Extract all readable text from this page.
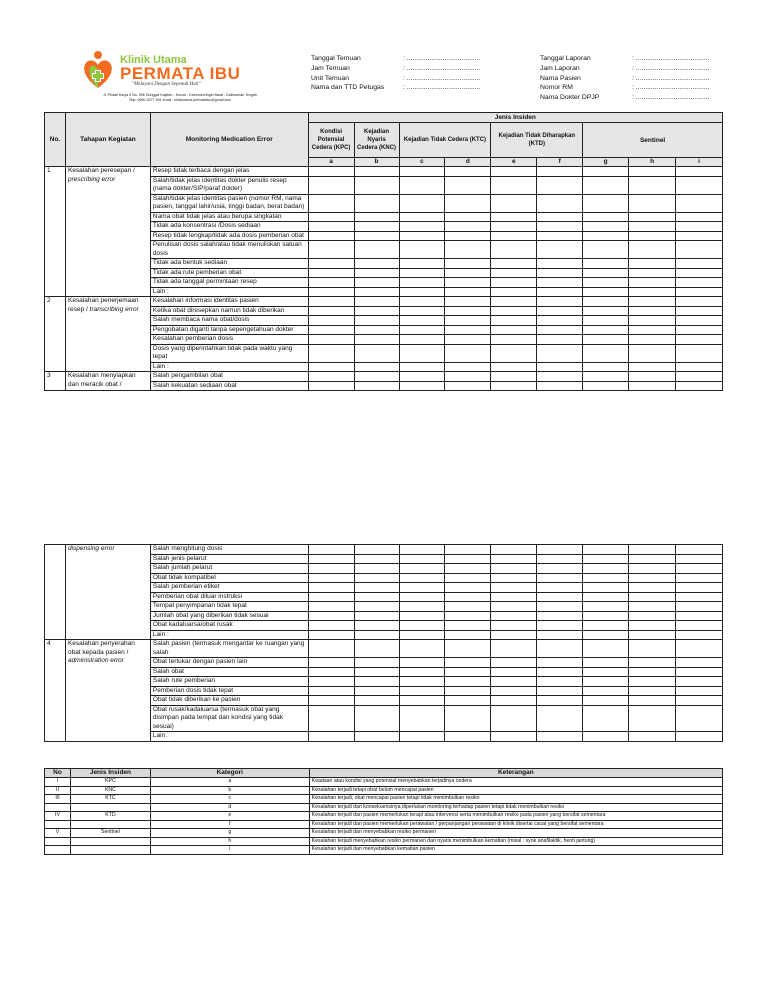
Klinik Utama
PERMATA IBU
"Melayani Dengan Sepenuh Hati"
Jl. Pedati Karya II No. 596 Gunggal Kajatan - Kunod - Kebumen/Ingin Barat - Kalimantan Tengah
Telp: 0690-5377 591 email : klinikutama.permataibu@gmail.com
Tanggal Temuan	: .......................................
Jam Temuan	: .......................................
Unit Temuan	: .......................................
Nama dan TTD Petugas	: .......................................
Tanggal Laporan	: .......................................
Jam Laporan	: .......................................
Nama Pasien	: .......................................
Nomor RM	: .......................................
Nama Dokter DPJP	: .......................................
No.	Tahapan Kegiatan	Monitoring Medication Error	Jenis Insiden								
			Kondisi Potensial Cedera (KPC)	Kejadian Nyaris Cedera (KNC)	Kejadian Tidak Cedera (KTC)		Kejadian Tidak Diharapkan (KTD)		Sentinel		
			a	b	c	d	e	f	g	h	i
1	Kesalahan peresepan / prescribing error	Resep tidak terbaca dengan jelas									
		Salah/tidak jelas identitas dokter penulis resep (nama dokter/SIP/paraf dokter)									
		Salah/tidak jelas identitas pasien (nomor RM, nama pasien, tanggal lahir/usia, tinggi badan, berat badan)									
		Nama obat tidak jelas atau berupa singkatan									
		Tidak ada konsentrasi /Dosis sediaan									
		Resep tidak lengkap/tidak ada dosis pemberian obat									
		Penulisan dosis salah/atau tidak menuliskan satuan dosis									
		Tidak ada bentuk sediaan									
		Tidak ada rute pemberian obat									
		Tidak ada tanggal permintaan resep									
		Lain :									
2	Kesalahan penerjemaan resep / transcribing error	Kesalahan informasi identitas pasien									
		Ketika obat diresepkan namun tidak diberikan									
		Salah membaca nama obat/dosis									
		Pengobatan diganti tanpa sepengetahuan dokter									
		Kesalahan pemberian dosis									
		Dosis yang diperintahkan tidak pada waktu yang tepat									
		Lain :									
3	Kesalahan menyiapkan dan meracik obat /	Salah pengambilan obat									
		Salah kekuatan sediaan obat									
	dispensing error	Salah menghitung dosis									
		Salah jenis pelarut									
		Salah jumlah pelarut									
		Obat tidak kompatibel									
		Salah pemberian etiket									
		Pemberian obat diluar instruksi									
		Tempat penyimpanan tidak tepat									
		Jumlah obat yang diberikan tidak sesuai									
		Obat kadaluarsa/obat rusak									
		Lain :									
4	Kesalahan penyerahan obat kepada pasien / administration error	Salah pasien (termasuk mengantar ke ruangan yang salah									
		Obat tertukar dengan pasien lain									
		Salah obat									
		Salah rute pemberian									
		Pemberian dosis tidak tepat									
		Obat tidak diberikan ke pasien									
		Obat rusak/kadaluarsa (termasuk obat yang disimpan pada tempat dan kondisi yang tidak sesuai)									
		Lain :									
No	Jenis Insiden	Kategori	Keterangan
I	KPC	a	Keadaan atau kondisi yang potensial menyebabkan terjadinya cedera
II	KNC	b	Kesalahan terjadi tetapi obat belum mencapai pasien
III	KTC	c	Kesalahan terjadi, obat mencapai pasien tetapi tidak menimbulkan resiko
		d	Kesalahan terjadi dan konsekuensinya diperlukan monitoring terhadap pasien tetapi tidak menimbulkan resiko
IV	KTD	e	Kesalahan terjadi dan pasien memerlukan terapi atau intervensi serta menimbulkan resiko pada pasien yang bersifat sementara
		f	Kesalahan terjadi dan pasien memerlukan perawatan / perpanjangan perawatan di klinik disertai cacat yang bersifat sementara
V	Sentinel	g	Kesalahan terjadi dan menyebabkan resiko permanen
		h	Kesalahan terjadi menyebabkan resiko permanen dan nyaris menimbulkan kematian (misal : syok anafilaktik, henti jantung)
		i	Kesalahan terjadi dan menyebabkan kematian pasien
